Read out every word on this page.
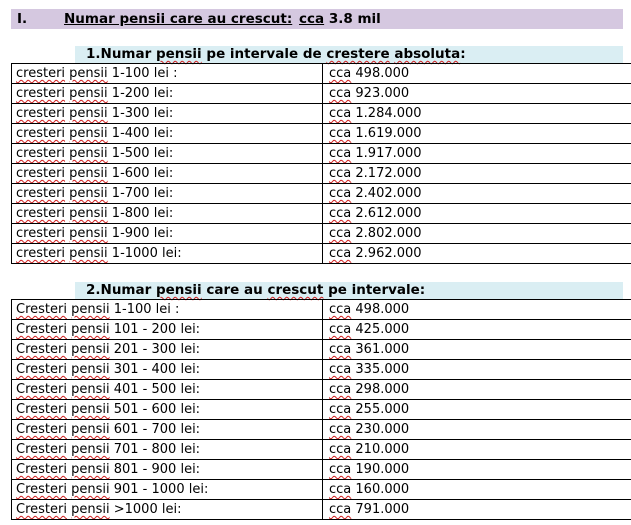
I.	Numar pensii care au crescut: cca 3.8 mil
1.Numar pensii pe intervale de crestere absoluta:
cresteri pensii 1-100 lei :	cca 498.000
cresteri pensii 1-200 lei:	cca 923.000
cresteri pensii 1-300 lei:	cca 1.284.000
cresteri pensii 1-400 lei:	cca 1.619.000
cresteri pensii 1-500 lei:	cca 1.917.000
cresteri pensii 1-600 lei:	cca 2.172.000
cresteri pensii 1-700 lei:	cca 2.402.000
cresteri pensii 1-800 lei:	cca 2.612.000
cresteri pensii 1-900 lei:	cca 2.802.000
cresteri pensii 1-1000 lei:	cca 2.962.000
2.Numar pensii care au crescut pe intervale:
Cresteri pensii 1-100 lei :	cca 498.000
Cresteri pensii 101 - 200 lei:	cca 425.000
Cresteri pensii 201 - 300 lei:	cca 361.000
Cresteri pensii 301 - 400 lei:	cca 335.000
Cresteri pensii 401 - 500 lei:	cca 298.000
Cresteri pensii 501 - 600 lei:	cca 255.000
Cresteri pensii 601 - 700 lei:	cca 230.000
Cresteri pensii 701 - 800 lei:	cca 210.000
Cresteri pensii 801 - 900 lei:	cca 190.000
Cresteri pensii 901 - 1000 lei:	cca 160.000
Cresteri pensii >1000 lei:	cca 791.000
